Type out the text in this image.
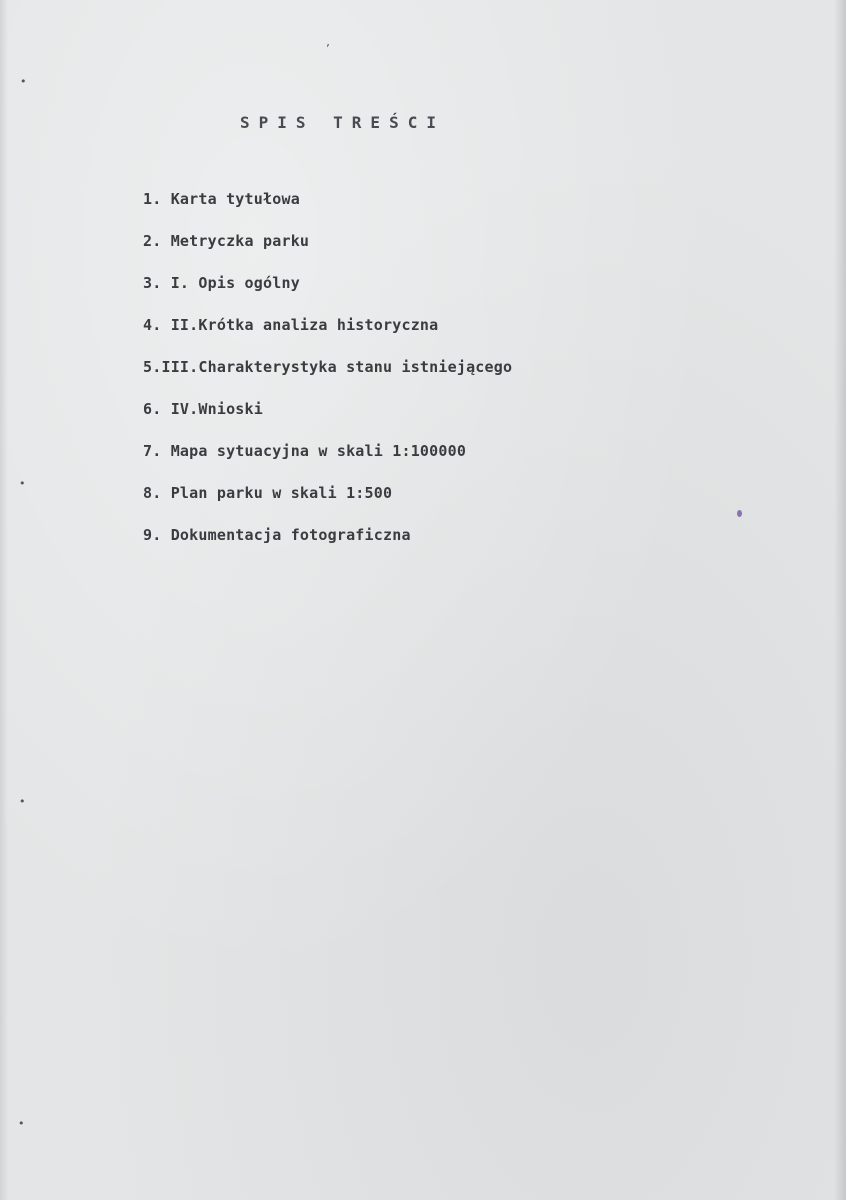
SPIS TREŚCI
1. Karta tytułowa
2. Metryczka parku
3. I. Opis ogólny
4. II.Krótka analiza historyczna
5.III.Charakterystyka stanu istniejącego
6. IV.Wnioski
7. Mapa sytuacyjna w skali 1:100000
8. Plan parku w skali 1:500
9. Dokumentacja fotograficzna
•
•
•
•
’
